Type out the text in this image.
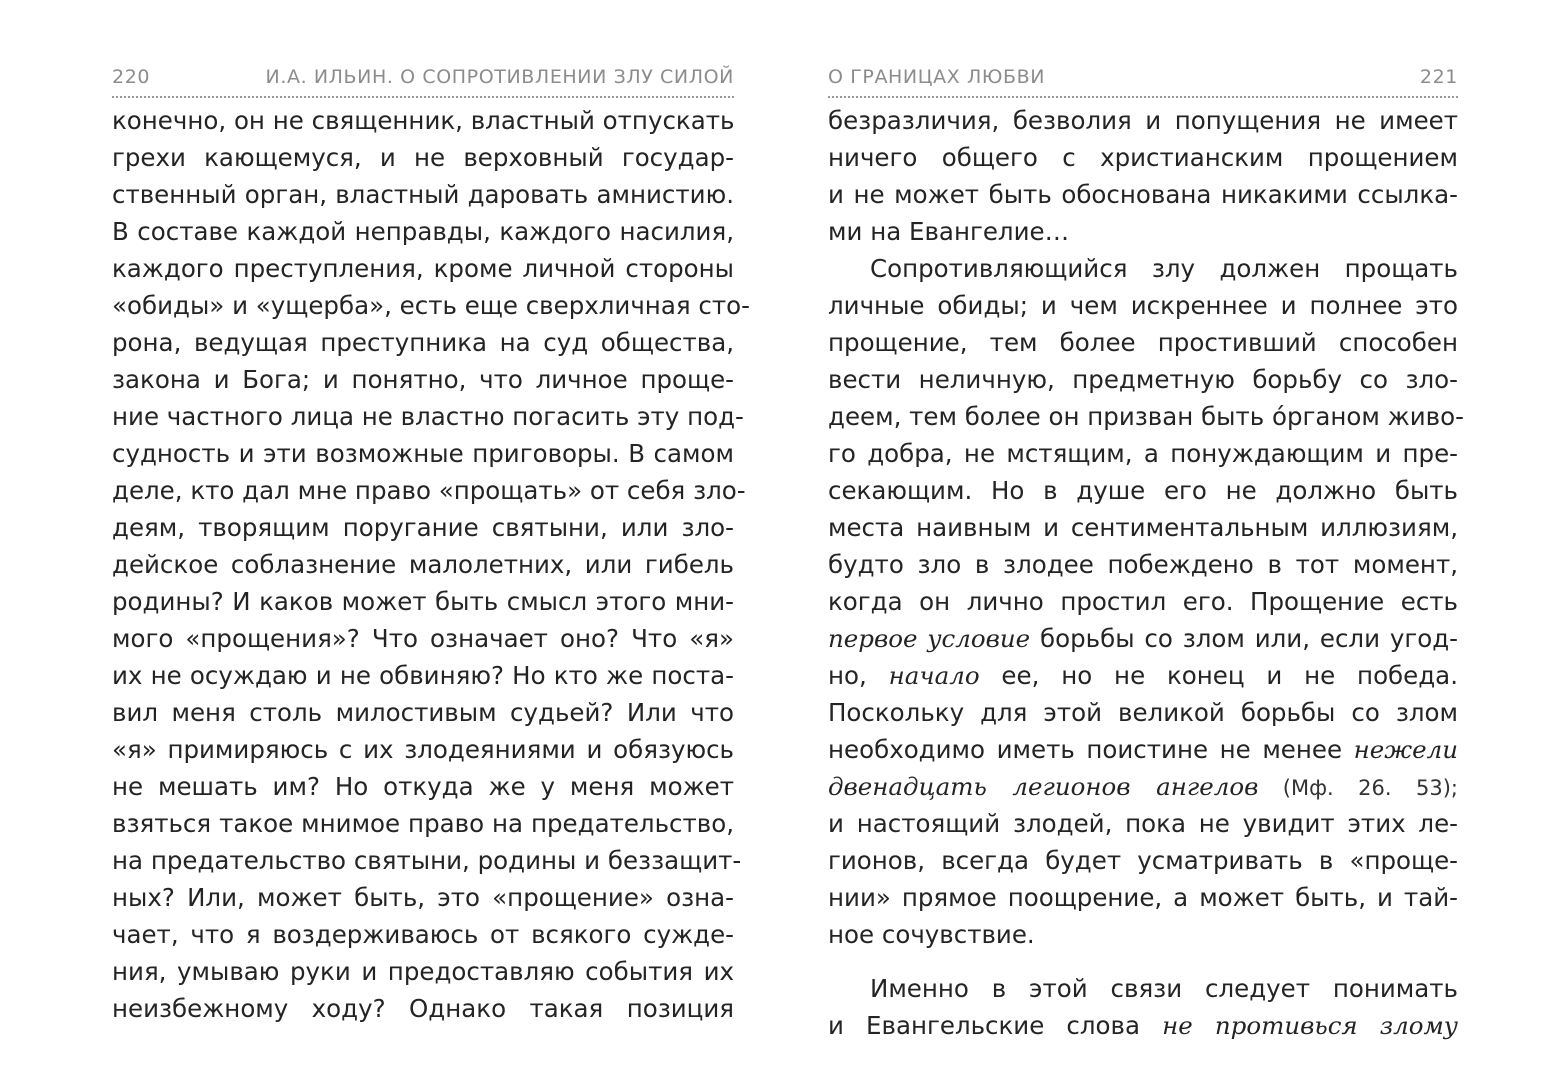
220	И.А. ИЛЬИН. О СОПРОТИВЛЕНИИ ЗЛУ СИЛОЙ
конечно, он не священник, властный отпускать
грехи кающемуся, и не верховный государ-
ственный орган, властный даровать амнистию.
В составе каждой неправды, каждого насилия,
каждого преступления, кроме личной стороны
«обиды» и «ущерба», есть еще сверхличная сто-
рона, ведущая преступника на суд общества,
закона и Бога; и понятно, что личное проще-
ние частного лица не властно погасить эту под-
судность и эти возможные приговоры. В самом
деле, кто дал мне право «прощать» от себя зло-
деям, творящим поругание святыни, или зло-
дейское соблазнение малолетних, или гибель
родины? И каков может быть смысл этого мни-
мого «прощения»? Что означает оно? Что «я»
их не осуждаю и не обвиняю? Но кто же поста-
вил меня столь милостивым судьей? Или что
«я» примиряюсь с их злодеяниями и обязуюсь
не мешать им? Но откуда же у меня может
взяться такое мнимое право на предательство,
на предательство святыни, родины и беззащит-
ных? Или, может быть, это «прощение» озна-
чает, что я воздерживаюсь от всякого сужде-
ния, умываю руки и предоставляю события их
неизбежному ходу? Однако такая позиция
О ГРАНИЦАХ ЛЮБВИ	221
безразличия, безволия и попущения не имеет
ничего общего с христианским прощением
и не может быть обоснована никакими ссылка-
ми на Евангелие…
Сопротивляющийся злу должен прощать
личные обиды; и чем искреннее и полнее это
прощение, тем более простивший способен
вести неличную, предметную борьбу со зло-
деем, тем более он призван быть óрганом живо-
го добра, не мстящим, а понуждающим и пре-
секающим. Но в душе его не должно быть
места наивным и сентиментальным иллюзиям,
будто зло в злодее побеждено в тот момент,
когда он лично простил его. Прощение есть
первое условие борьбы со злом или, если угод-
но, начало ее, но не конец и не победа.
Поскольку для этой великой борьбы со злом
необходимо иметь поистине не менее нежели
двенадцать легионов ангелов (Мф. 26. 53);
и настоящий злодей, пока не увидит этих ле-
гионов, всегда будет усматривать в «проще-
нии» прямое поощрение, а может быть, и тай-
ное сочувствие.
Именно в этой связи следует понимать
и Евангельские слова не противься злому
